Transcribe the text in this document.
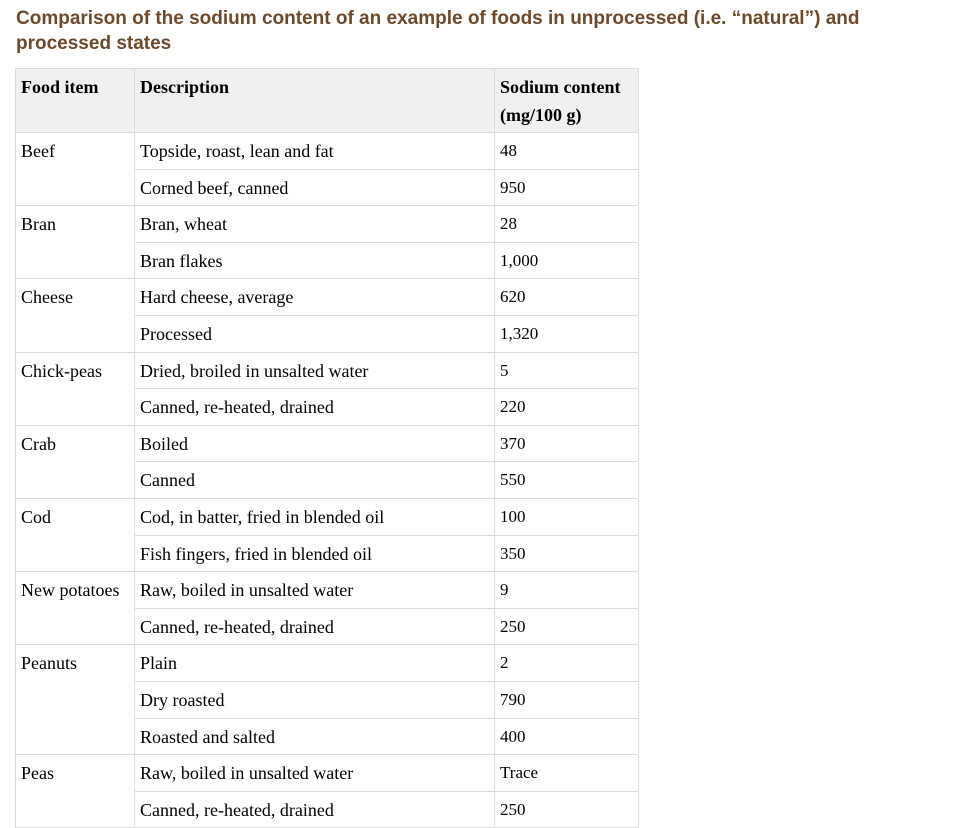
Comparison of the sodium content of an example of foods in unprocessed (i.e. “natural”) and processed states
Food item	Description	Sodium content
(mg/100 g)
Beef	Topside, roast, lean and fat	48
	Corned beef, canned	950
Bran	Bran, wheat	28
	Bran flakes	1,000
Cheese	Hard cheese, average	620
	Processed	1,320
Chick-peas	Dried, broiled in unsalted water	5
	Canned, re-heated, drained	220
Crab	Boiled	370
	Canned	550
Cod	Cod, in batter, fried in blended oil	100
	Fish fingers, fried in blended oil	350
New potatoes	Raw, boiled in unsalted water	9
	Canned, re-heated, drained	250
Peanuts	Plain	2
	Dry roasted	790
	Roasted and salted	400
Peas	Raw, boiled in unsalted water	Trace
	Canned, re-heated, drained	250
